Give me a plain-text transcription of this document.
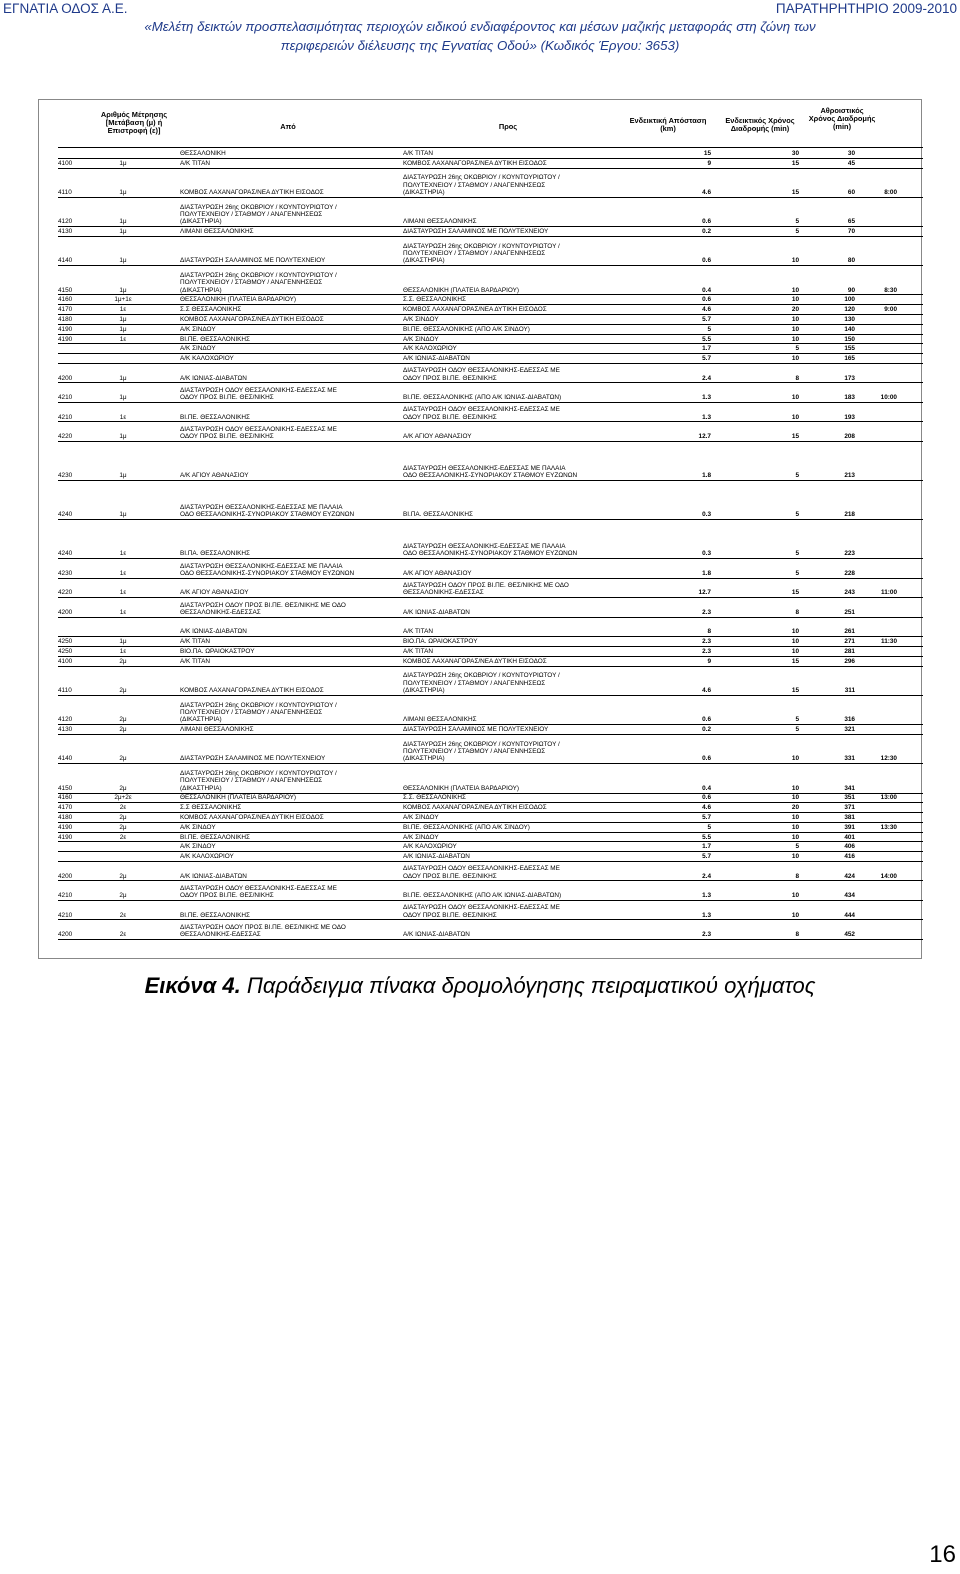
ΕΓΝΑΤΙΑ ΟΔΟΣ Α.Ε.	ΠΑΡΑΤΗΡΗΤΗΡΙΟ 2009-2010
«Μελέτη δεικτών προσπελασιμότητας περιοχών ειδικού ενδιαφέροντος και μέσων μαζικής μεταφοράς στη ζώνη των
περιφερειών διέλευσης της Εγνατίας Οδού» (Κωδικός Έργου: 3653)
Αριθμός Μέτρησης [Μετάβαση (μ) ή Επιστροφή (ε)]	Από	Προς
Ενδεικτική Απόσταση (km)
Ενδεικτικός Χρόνος Διαδρομής (min)
Αθροιστικός Χρόνος Διαδρομής (min)
ΘΕΣΣΑΛΟΝΙΚΗ	Α/Κ ΤΙΤΑΝ	15	30	30
4100	1μ	Α/Κ ΤΙΤΑΝ	ΚΟΜΒΟΣ ΛΑΧΑΝΑΓΟΡΑΣ/ΝΕΑ ΔΥΤΙΚΗ ΕΙΣΟΔΟΣ	9	15	45
4110	1μ	ΚΟΜΒΟΣ ΛΑΧΑΝΑΓΟΡΑΣ/ΝΕΑ ΔΥΤΙΚΗ ΕΙΣΟΔΟΣ
ΔΙΑΣΤΑΥΡΩΣΗ 26ης ΟΚΩΒΡΙΟΥ / ΚΟΥΝΤΟΥΡΙΩΤΟΥ /
ΠΟΛΥΤΕΧΝΕΙΟΥ / ΣΤΑΘΜΟΥ / ΑΝΑΓΕΝΝΗΣΕΩΣ
(ΔΙΚΑΣΤΗΡΙΑ)	4.6	15	60	8:00
4120	1μ
ΔΙΑΣΤΑΥΡΩΣΗ 26ης ΟΚΩΒΡΙΟΥ / ΚΟΥΝΤΟΥΡΙΩΤΟΥ /
ΠΟΛΥΤΕΧΝΕΙΟΥ / ΣΤΑΘΜΟΥ / ΑΝΑΓΕΝΝΗΣΕΩΣ
(ΔΙΚΑΣΤΗΡΙΑ)	ΛΙΜΑΝΙ ΘΕΣΣΑΛΟΝΙΚΗΣ	0.6	5	65
4130	1μ	ΛΙΜΑΝΙ ΘΕΣΣΑΛΟΝΙΚΗΣ	ΔΙΑΣΤΑΥΡΩΣΗ ΣΑΛΑΜΙΝΟΣ ΜΕ ΠΟΛΥΤΕΧΝΕΙΟΥ	0.2	5	70
4140	1μ	ΔΙΑΣΤΑΥΡΩΣΗ ΣΑΛΑΜΙΝΟΣ ΜΕ ΠΟΛΥΤΕΧΝΕΙΟΥ
ΔΙΑΣΤΑΥΡΩΣΗ 26ης ΟΚΩΒΡΙΟΥ / ΚΟΥΝΤΟΥΡΙΩΤΟΥ /
ΠΟΛΥΤΕΧΝΕΙΟΥ / ΣΤΑΘΜΟΥ / ΑΝΑΓΕΝΝΗΣΕΩΣ
(ΔΙΚΑΣΤΗΡΙΑ)	0.6	10	80
4150	1μ
ΔΙΑΣΤΑΥΡΩΣΗ 26ης ΟΚΩΒΡΙΟΥ / ΚΟΥΝΤΟΥΡΙΩΤΟΥ /
ΠΟΛΥΤΕΧΝΕΙΟΥ / ΣΤΑΘΜΟΥ / ΑΝΑΓΕΝΝΗΣΕΩΣ
(ΔΙΚΑΣΤΗΡΙΑ)	ΘΕΣΣΑΛΟΝΙΚΗ (ΠΛΑΤΕΙΑ ΒΑΡΔΑΡΙΟΥ)	0.4	10	90	8:30
4160	1μ+1ε	ΘΕΣΣΑΛΟΝΙΚΗ (ΠΛΑΤΕΙΑ ΒΑΡΔΑΡΙΟΥ)	Σ.Σ. ΘΕΣΣΑΛΟΝΙΚΗΣ	0.6	10	100
4170	1ε	Σ.Σ ΘΕΣΣΑΛΟΝΙΚΗΣ	ΚΟΜΒΟΣ ΛΑΧΑΝΑΓΟΡΑΣ/ΝΕΑ ΔΥΤΙΚΗ ΕΙΣΟΔΟΣ	4.6	20	120	9:00
4180	1μ	ΚΟΜΒΟΣ ΛΑΧΑΝΑΓΟΡΑΣ/ΝΕΑ ΔΥΤΙΚΗ ΕΙΣΟΔΟΣ	Α/Κ ΣΙΝΔΟΥ	5.7	10	130
4190	1μ	Α/Κ ΣΙΝΔΟΥ	ΒΙ.ΠΕ. ΘΕΣΣΑΛΟΝΙΚΗΣ (ΑΠΟ Α/Κ ΣΙΝΔΟΥ)	5	10	140
4190	1ε	ΒΙ.ΠΕ. ΘΕΣΣΑΛΟΝΙΚΗΣ	Α/Κ ΣΙΝΔΟΥ	5.5	10	150
Α/Κ ΣΙΝΔΟΥ	Α/Κ ΚΑΛΟΧΩΡΙΟΥ	1.7	5	155
Α/Κ ΚΑΛΟΧΩΡΙΟΥ	Α/Κ ΙΩΝΙΑΣ-ΔΙΑΒΑΤΩΝ	5.7	10	165
4200	1μ	Α/Κ ΙΩΝΙΑΣ-ΔΙΑΒΑΤΩΝ
ΔΙΑΣΤΑΥΡΩΣΗ ΟΔΟΥ ΘΕΣΣΑΛΟΝΙΚΗΣ-ΕΔΕΣΣΑΣ ΜΕ
ΟΔΟΥ ΠΡΟΣ ΒΙ.ΠΕ. ΘΕΣ/ΝΙΚΗΣ	2.4	8	173
4210	1μ
ΔΙΑΣΤΑΥΡΩΣΗ ΟΔΟΥ ΘΕΣΣΑΛΟΝΙΚΗΣ-ΕΔΕΣΣΑΣ ΜΕ
ΟΔΟΥ ΠΡΟΣ ΒΙ.ΠΕ. ΘΕΣ/ΝΙΚΗΣ	ΒΙ.ΠΕ. ΘΕΣΣΑΛΟΝΙΚΗΣ (ΑΠΟ Α/Κ ΙΩΝΙΑΣ-ΔΙΑΒΑΤΩΝ)	1.3	10	183	10:00
4210	1ε	ΒΙ.ΠΕ. ΘΕΣΣΑΛΟΝΙΚΗΣ
ΔΙΑΣΤΑΥΡΩΣΗ ΟΔΟΥ ΘΕΣΣΑΛΟΝΙΚΗΣ-ΕΔΕΣΣΑΣ ΜΕ
ΟΔΟΥ ΠΡΟΣ ΒΙ.ΠΕ. ΘΕΣ/ΝΙΚΗΣ	1.3	10	193
4220	1μ
ΔΙΑΣΤΑΥΡΩΣΗ ΟΔΟΥ ΘΕΣΣΑΛΟΝΙΚΗΣ-ΕΔΕΣΣΑΣ ΜΕ
ΟΔΟΥ ΠΡΟΣ ΒΙ.ΠΕ. ΘΕΣ/ΝΙΚΗΣ	Α/Κ ΑΓΙΟΥ ΑΘΑΝΑΣΙΟΥ	12.7	15	208
4230	1μ	Α/Κ ΑΓΙΟΥ ΑΘΑΝΑΣΙΟΥ
ΔΙΑΣΤΑΥΡΩΣΗ ΘΕΣΣΑΛΟΝΙΚΗΣ-ΕΔΕΣΣΑΣ ΜΕ ΠΑΛΑΙΑ
ΟΔΟ ΘΕΣΣΑΛΟΝΙΚΗΣ-ΣΥΝΟΡΙΑΚΟΥ ΣΤΑΘΜΟΥ ΕΥΖΩΝΩΝ	1.8	5	213
4240	1μ
ΔΙΑΣΤΑΥΡΩΣΗ ΘΕΣΣΑΛΟΝΙΚΗΣ-ΕΔΕΣΣΑΣ ΜΕ ΠΑΛΑΙΑ
ΟΔΟ ΘΕΣΣΑΛΟΝΙΚΗΣ-ΣΥΝΟΡΙΑΚΟΥ ΣΤΑΘΜΟΥ ΕΥΖΩΝΩΝ	ΒΙ.ΠΑ. ΘΕΣΣΑΛΟΝΙΚΗΣ	0.3	5	218
4240	1ε	ΒΙ.ΠΑ. ΘΕΣΣΑΛΟΝΙΚΗΣ
ΔΙΑΣΤΑΥΡΩΣΗ ΘΕΣΣΑΛΟΝΙΚΗΣ-ΕΔΕΣΣΑΣ ΜΕ ΠΑΛΑΙΑ
ΟΔΟ ΘΕΣΣΑΛΟΝΙΚΗΣ-ΣΥΝΟΡΙΑΚΟΥ ΣΤΑΘΜΟΥ ΕΥΖΩΝΩΝ	0.3	5	223
4230	1ε
ΔΙΑΣΤΑΥΡΩΣΗ ΘΕΣΣΑΛΟΝΙΚΗΣ-ΕΔΕΣΣΑΣ ΜΕ ΠΑΛΑΙΑ
ΟΔΟ ΘΕΣΣΑΛΟΝΙΚΗΣ-ΣΥΝΟΡΙΑΚΟΥ ΣΤΑΘΜΟΥ ΕΥΖΩΝΩΝ	Α/Κ ΑΓΙΟΥ ΑΘΑΝΑΣΙΟΥ	1.8	5	228
4220	1ε	Α/Κ ΑΓΙΟΥ ΑΘΑΝΑΣΙΟΥ
ΔΙΑΣΤΑΥΡΩΣΗ ΟΔΟΥ ΠΡΟΣ ΒΙ.ΠΕ. ΘΕΣ/ΝΙΚΗΣ ΜΕ ΟΔΟ
ΘΕΣΣΑΛΟΝΙΚΗΣ-ΕΔΕΣΣΑΣ	12.7	15	243	11:00
4200	1ε
ΔΙΑΣΤΑΥΡΩΣΗ ΟΔΟΥ ΠΡΟΣ ΒΙ.ΠΕ. ΘΕΣ/ΝΙΚΗΣ ΜΕ ΟΔΟ
ΘΕΣΣΑΛΟΝΙΚΗΣ-ΕΔΕΣΣΑΣ	Α/Κ ΙΩΝΙΑΣ-ΔΙΑΒΑΤΩΝ	2.3	8	251
Α/Κ ΙΩΝΙΑΣ-ΔΙΑΒΑΤΩΝ	Α/Κ ΤΙΤΑΝ	8	10	261
4250	1μ	Α/Κ ΤΙΤΑΝ	ΒΙΟ.ΠΑ. ΩΡΑΙΟΚΑΣΤΡΟΥ	2.3	10	271	11:30
4250	1ε	ΒΙΟ.ΠΑ. ΩΡΑΙΟΚΑΣΤΡΟΥ	Α/Κ ΤΙΤΑΝ	2.3	10	281
4100	2μ	Α/Κ ΤΙΤΑΝ	ΚΟΜΒΟΣ ΛΑΧΑΝΑΓΟΡΑΣ/ΝΕΑ ΔΥΤΙΚΗ ΕΙΣΟΔΟΣ	9	15	296
4110	2μ	ΚΟΜΒΟΣ ΛΑΧΑΝΑΓΟΡΑΣ/ΝΕΑ ΔΥΤΙΚΗ ΕΙΣΟΔΟΣ
ΔΙΑΣΤΑΥΡΩΣΗ 26ης ΟΚΩΒΡΙΟΥ / ΚΟΥΝΤΟΥΡΙΩΤΟΥ /
ΠΟΛΥΤΕΧΝΕΙΟΥ / ΣΤΑΘΜΟΥ / ΑΝΑΓΕΝΝΗΣΕΩΣ
(ΔΙΚΑΣΤΗΡΙΑ)	4.6	15	311
4120	2μ
ΔΙΑΣΤΑΥΡΩΣΗ 26ης ΟΚΩΒΡΙΟΥ / ΚΟΥΝΤΟΥΡΙΩΤΟΥ /
ΠΟΛΥΤΕΧΝΕΙΟΥ / ΣΤΑΘΜΟΥ / ΑΝΑΓΕΝΝΗΣΕΩΣ
(ΔΙΚΑΣΤΗΡΙΑ)	ΛΙΜΑΝΙ ΘΕΣΣΑΛΟΝΙΚΗΣ	0.6	5	316
4130	2μ	ΛΙΜΑΝΙ ΘΕΣΣΑΛΟΝΙΚΗΣ	ΔΙΑΣΤΑΥΡΩΣΗ ΣΑΛΑΜΙΝΟΣ ΜΕ ΠΟΛΥΤΕΧΝΕΙΟΥ	0.2	5	321
4140	2μ	ΔΙΑΣΤΑΥΡΩΣΗ ΣΑΛΑΜΙΝΟΣ ΜΕ ΠΟΛΥΤΕΧΝΕΙΟΥ
ΔΙΑΣΤΑΥΡΩΣΗ 26ης ΟΚΩΒΡΙΟΥ / ΚΟΥΝΤΟΥΡΙΩΤΟΥ /
ΠΟΛΥΤΕΧΝΕΙΟΥ / ΣΤΑΘΜΟΥ / ΑΝΑΓΕΝΝΗΣΕΩΣ
(ΔΙΚΑΣΤΗΡΙΑ)	0.6	10	331	12:30
4150	2μ
ΔΙΑΣΤΑΥΡΩΣΗ 26ης ΟΚΩΒΡΙΟΥ / ΚΟΥΝΤΟΥΡΙΩΤΟΥ /
ΠΟΛΥΤΕΧΝΕΙΟΥ / ΣΤΑΘΜΟΥ / ΑΝΑΓΕΝΝΗΣΕΩΣ
(ΔΙΚΑΣΤΗΡΙΑ)	ΘΕΣΣΑΛΟΝΙΚΗ (ΠΛΑΤΕΙΑ ΒΑΡΔΑΡΙΟΥ)	0.4	10	341
4160	2μ+2ε	ΘΕΣΣΑΛΟΝΙΚΗ (ΠΛΑΤΕΙΑ ΒΑΡΔΑΡΙΟΥ)	Σ.Σ. ΘΕΣΣΑΛΟΝΙΚΗΣ	0.6	10	351	13:00
4170	2ε	Σ.Σ ΘΕΣΣΑΛΟΝΙΚΗΣ	ΚΟΜΒΟΣ ΛΑΧΑΝΑΓΟΡΑΣ/ΝΕΑ ΔΥΤΙΚΗ ΕΙΣΟΔΟΣ	4.6	20	371
4180	2μ	ΚΟΜΒΟΣ ΛΑΧΑΝΑΓΟΡΑΣ/ΝΕΑ ΔΥΤΙΚΗ ΕΙΣΟΔΟΣ	Α/Κ ΣΙΝΔΟΥ	5.7	10	381
4190	2μ	Α/Κ ΣΙΝΔΟΥ	ΒΙ.ΠΕ. ΘΕΣΣΑΛΟΝΙΚΗΣ (ΑΠΟ Α/Κ ΣΙΝΔΟΥ)	5	10	391	13:30
4190	2ε	ΒΙ.ΠΕ. ΘΕΣΣΑΛΟΝΙΚΗΣ	Α/Κ ΣΙΝΔΟΥ	5.5	10	401
Α/Κ ΣΙΝΔΟΥ	Α/Κ ΚΑΛΟΧΩΡΙΟΥ	1.7	5	406
Α/Κ ΚΑΛΟΧΩΡΙΟΥ	Α/Κ ΙΩΝΙΑΣ-ΔΙΑΒΑΤΩΝ	5.7	10	416
4200	2μ	Α/Κ ΙΩΝΙΑΣ-ΔΙΑΒΑΤΩΝ
ΔΙΑΣΤΑΥΡΩΣΗ ΟΔΟΥ ΘΕΣΣΑΛΟΝΙΚΗΣ-ΕΔΕΣΣΑΣ ΜΕ
ΟΔΟΥ ΠΡΟΣ ΒΙ.ΠΕ. ΘΕΣ/ΝΙΚΗΣ	2.4	8	424	14:00
4210	2μ
ΔΙΑΣΤΑΥΡΩΣΗ ΟΔΟΥ ΘΕΣΣΑΛΟΝΙΚΗΣ-ΕΔΕΣΣΑΣ ΜΕ
ΟΔΟΥ ΠΡΟΣ ΒΙ.ΠΕ. ΘΕΣ/ΝΙΚΗΣ	ΒΙ.ΠΕ. ΘΕΣΣΑΛΟΝΙΚΗΣ (ΑΠΟ Α/Κ ΙΩΝΙΑΣ-ΔΙΑΒΑΤΩΝ)	1.3	10	434
4210	2ε	ΒΙ.ΠΕ. ΘΕΣΣΑΛΟΝΙΚΗΣ
ΔΙΑΣΤΑΥΡΩΣΗ ΟΔΟΥ ΘΕΣΣΑΛΟΝΙΚΗΣ-ΕΔΕΣΣΑΣ ΜΕ
ΟΔΟΥ ΠΡΟΣ ΒΙ.ΠΕ. ΘΕΣ/ΝΙΚΗΣ	1.3	10	444
4200	2ε
ΔΙΑΣΤΑΥΡΩΣΗ ΟΔΟΥ ΠΡΟΣ ΒΙ.ΠΕ. ΘΕΣ/ΝΙΚΗΣ ΜΕ ΟΔΟ
ΘΕΣΣΑΛΟΝΙΚΗΣ-ΕΔΕΣΣΑΣ	Α/Κ ΙΩΝΙΑΣ-ΔΙΑΒΑΤΩΝ	2.3	8	452
Εικόνα 4. Παράδειγμα πίνακα δρομολόγησης πειραματικού οχήματος
16
